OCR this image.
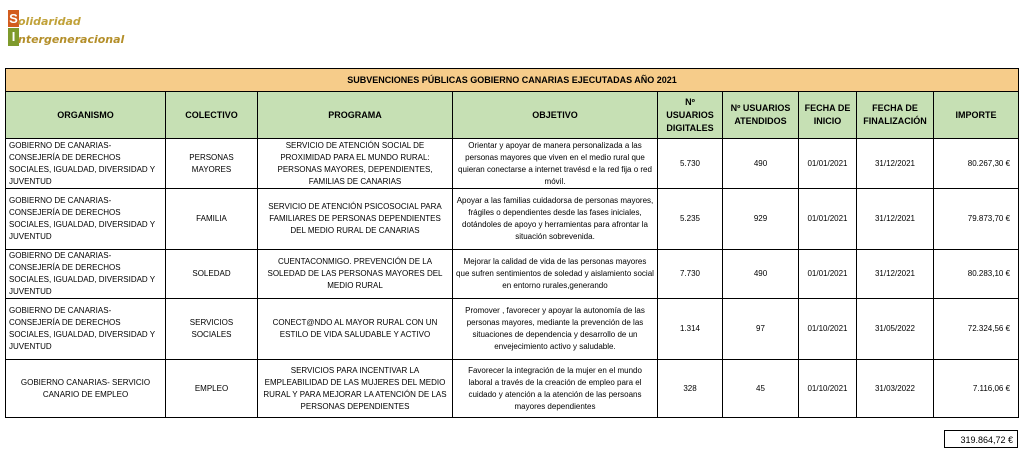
S olidaridad
I ntergeneracional
SUBVENCIONES PÚBLICAS GOBIERNO CANARIAS EJECUTADAS AÑO 2021								
ORGANISMO	COLECTIVO	PROGRAMA	OBJETIVO	Nº USUARIOS DIGITALES	Nº USUARIOS ATENDIDOS	FECHA DE INICIO	FECHA DE FINALIZACIÓN	IMPORTE
GOBIERNO DE CANARIAS- CONSEJERÍA DE DERECHOS SOCIALES, IGUALDAD, DIVERSIDAD Y JUVENTUD	PERSONAS MAYORES	SERVICIO DE ATENCIÓN SOCIAL DE PROXIMIDAD PARA EL MUNDO RURAL: PERSONAS MAYORES, DEPENDIENTES, FAMILIAS DE CANARIAS	Orientar y apoyar de manera personalizada a las personas mayores que viven en el medio rural que quieran conectarse a internet travésd e la red fija o red móvil.	5.730	490	01/01/2021	31/12/2021	80.267,30 €
GOBIERNO DE CANARIAS- CONSEJERÍA DE DERECHOS SOCIALES, IGUALDAD, DIVERSIDAD Y JUVENTUD	FAMILIA	SERVICIO DE ATENCIÓN PSICOSOCIAL PARA FAMILIARES DE PERSONAS DEPENDIENTES DEL MEDIO RURAL DE CANARIAS	Apoyar a las familias cuidadorsa de personas mayores, frágiles o dependientes desde las fases iniciales, dotándoles de apoyo y herramientas para afrontar la situación sobrevenida.	5.235	929	01/01/2021	31/12/2021	79.873,70 €
GOBIERNO DE CANARIAS- CONSEJERÍA DE DERECHOS SOCIALES, IGUALDAD, DIVERSIDAD Y JUVENTUD	SOLEDAD	CUENTACONMIGO. PREVENCIÓN DE LA SOLEDAD DE LAS PERSONAS MAYORES DEL MEDIO RURAL	Mejorar la calidad de vida de las personas mayores que sufren sentimientos de soledad y aislamiento social en entorno rurales,generando	7.730	490	01/01/2021	31/12/2021	80.283,10 €
GOBIERNO DE CANARIAS- CONSEJERÍA DE DERECHOS SOCIALES, IGUALDAD, DIVERSIDAD Y JUVENTUD	SERVICIOS SOCIALES	CONECT@NDO AL MAYOR RURAL CON UN ESTILO DE VIDA SALUDABLE Y ACTIVO	Promover , favorecer y apoyar la autonomía de las personas mayores, mediante la prevención de las situaciones de dependencia y desarrollo de un envejecimiento activo y saludable.	1.314	97	01/10/2021	31/05/2022	72.324,56 €
GOBIERNO CANARIAS- SERVICIO CANARIO DE EMPLEO	EMPLEO	SERVICIOS PARA INCENTIVAR LA EMPLEABILIDAD DE LAS MUJERES DEL MEDIO RURAL Y PARA MEJORAR LA ATENCIÓN DE LAS PERSONAS DEPENDIENTES	Favorecer la integración de la mujer en el mundo laboral a través de la creación de empleo para el cuidado y atención a la atención de las persoans mayores dependientes	328	45	01/10/2021	31/03/2022	7.116,06 €
319.864,72 €
